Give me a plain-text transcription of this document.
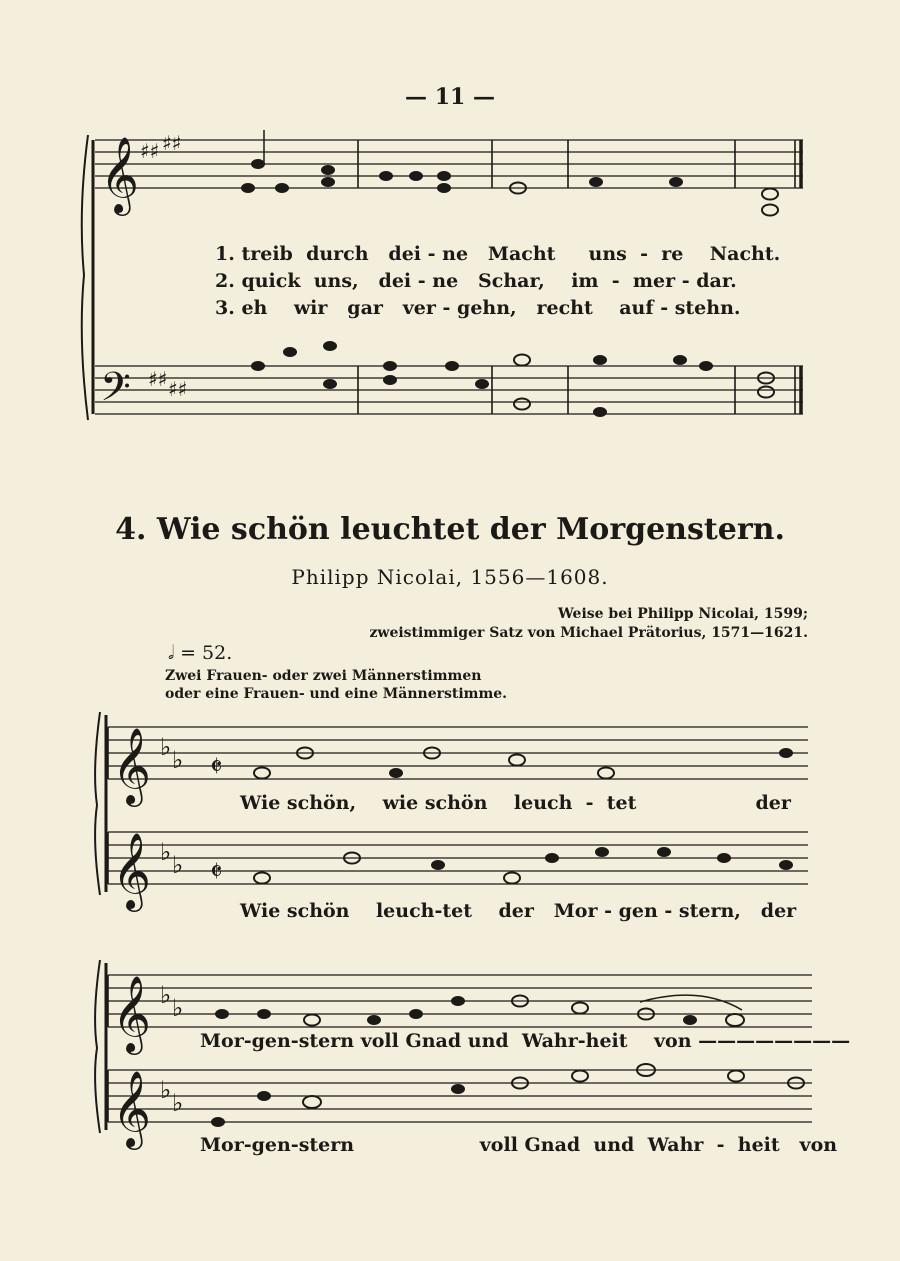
— 11 —
𝄞
𝄢
𝄞
𝄞
𝄞
𝄞
♯♯ ♯♯
♯♯ ♯♯
♭ ♭
♭ ♭
♭ ♭
♭ ♭
𝄵
𝄵
1. treib durch dei - ne Macht uns - re Nacht.
2. quick uns, dei - ne Schar, im - mer - dar.
3. eh wir gar ver - gehn, recht auf - stehn.
4. Wie schön leuchtet der Morgenstern.
Philipp Nicolai, 1556—1608.
Weise bei Philipp Nicolai, 1599;
zweistimmiger Satz von Michael Prätorius, 1571—1621.
𝅗𝅥 = 52.
Zwei Frauen- oder zwei Männerstimmen
oder eine Frauen- und eine Männerstimme.
Wie schön, wie schön leuch - tet	der
Wie schön leuch-tet der Mor - gen - stern, der
Mor-gen-stern voll Gnad und Wahr-heit von ————————
Mor-gen-stern	voll Gnad und Wahr - heit von
